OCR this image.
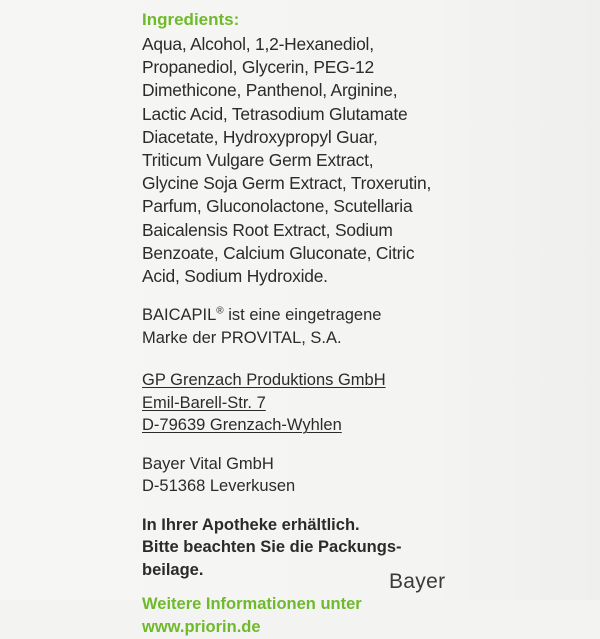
Ingredients:
Aqua, Alcohol, 1,2-Hexanediol,
Propanediol, Glycerin, PEG-12
Dimethicone, Panthenol, Arginine,
Lactic Acid, Tetrasodium Glutamate
Diacetate, Hydroxypropyl Guar,
Triticum Vulgare Germ Extract,
Glycine Soja Germ Extract, Troxerutin,
Parfum, Gluconolactone, Scutellaria
Baicalensis Root Extract, Sodium
Benzoate, Calcium Gluconate, Citric
Acid, Sodium Hydroxide.
BAICAPIL® ist eine eingetragene
Marke der PROVITAL, S.A.
GP Grenzach Produktions GmbH
Emil-Barell-Str. 7
D-79639 Grenzach-Wyhlen
Bayer Vital GmbH
D-51368 Leverkusen
In Ihrer Apotheke erhältlich.
Bitte beachten Sie die Packungs-
beilage.
Weitere Informationen unter
www.priorin.de
Bayer
